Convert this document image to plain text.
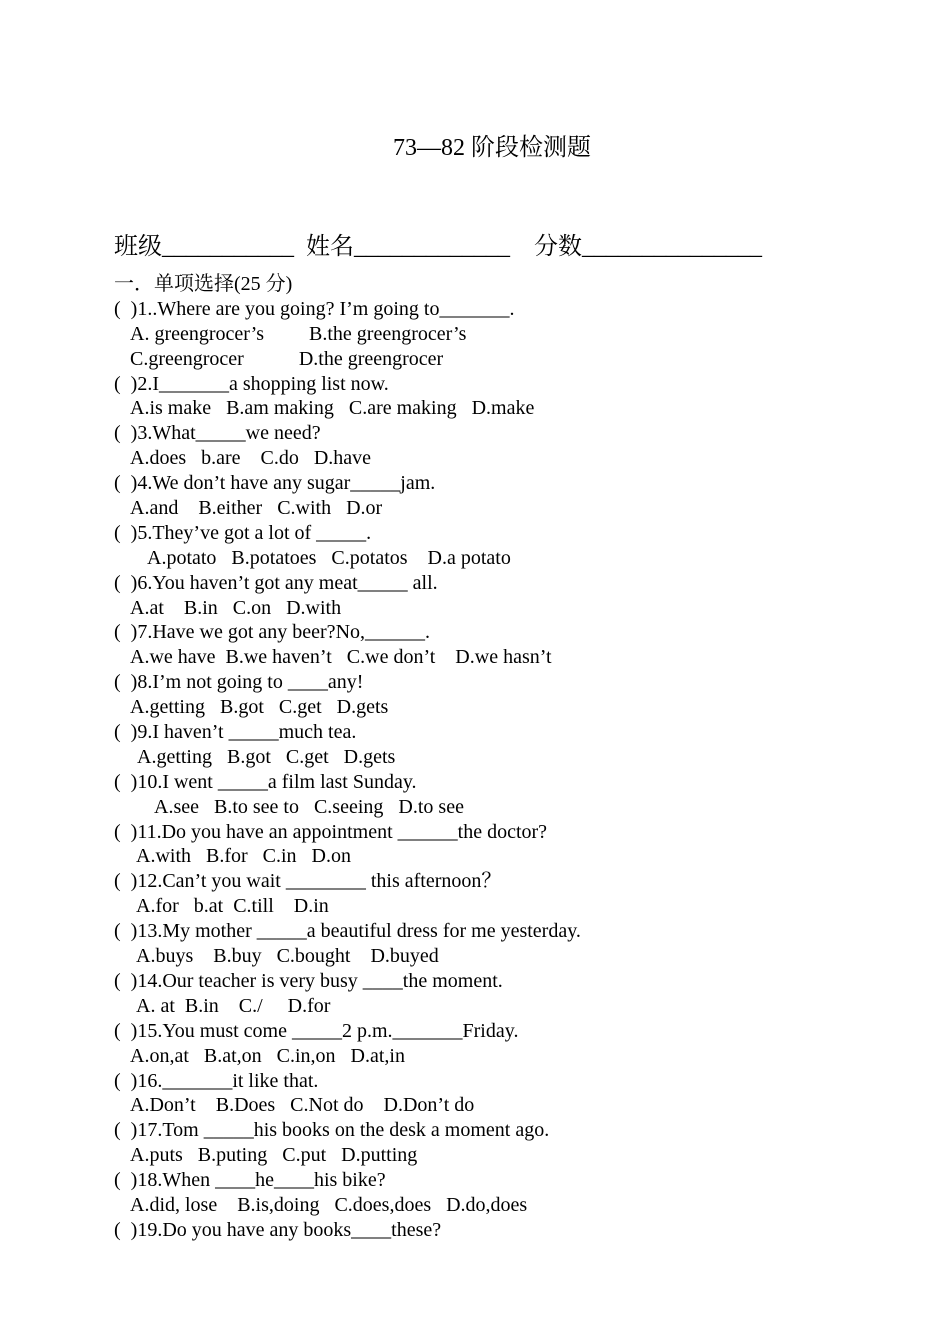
73—82 阶段检测题
班级___________  姓名_____________    分数_______________
一．单项选择(25 分)
(  )1..Where are you going? I’m going to_______.
A. greengrocer’s         B.the greengrocer’s
C.greengrocer           D.the greengrocer
(  )2.I_______a shopping list now.
A.is make   B.am making   C.are making   D.make
(  )3.What_____we need?
A.does   b.are    C.do   D.have
(  )4.We don’t have any sugar_____jam.
A.and    B.either   C.with   D.or
(  )5.They’ve got a lot of _____.
A.potato   B.potatoes   C.potatos    D.a potato
(  )6.You haven’t got any meat_____ all.
A.at    B.in   C.on   D.with
(  )7.Have we got any beer?No,______.
A.we have  B.we haven’t   C.we don’t    D.we hasn’t
(  )8.I’m not going to ____any!
A.getting   B.got   C.get   D.gets
(  )9.I haven’t _____much tea.
A.getting   B.got   C.get   D.gets
(  )10.I went _____a film last Sunday.
A.see   B.to see to   C.seeing   D.to see
(  )11.Do you have an appointment ______the doctor?
A.with   B.for   C.in   D.on
(  )12.Can’t you wait ________ this afternoon？
A.for   b.at  C.till    D.in
(  )13.My mother _____a beautiful dress for me yesterday.
A.buys    B.buy   C.bought    D.buyed
(  )14.Our teacher is very busy ____the moment.
A. at  B.in    C./     D.for
(  )15.You must come _____2 p.m._______Friday.
A.on,at   B.at,on   C.in,on   D.at,in
(  )16._______it like that.
A.Don’t    B.Does   C.Not do    D.Don’t do
(  )17.Tom _____his books on the desk a moment ago.
A.puts   B.puting   C.put   D.putting
(  )18.When ____he____his bike?
A.did, lose    B.is,doing   C.does,does   D.do,does
(  )19.Do you have any books____these?
